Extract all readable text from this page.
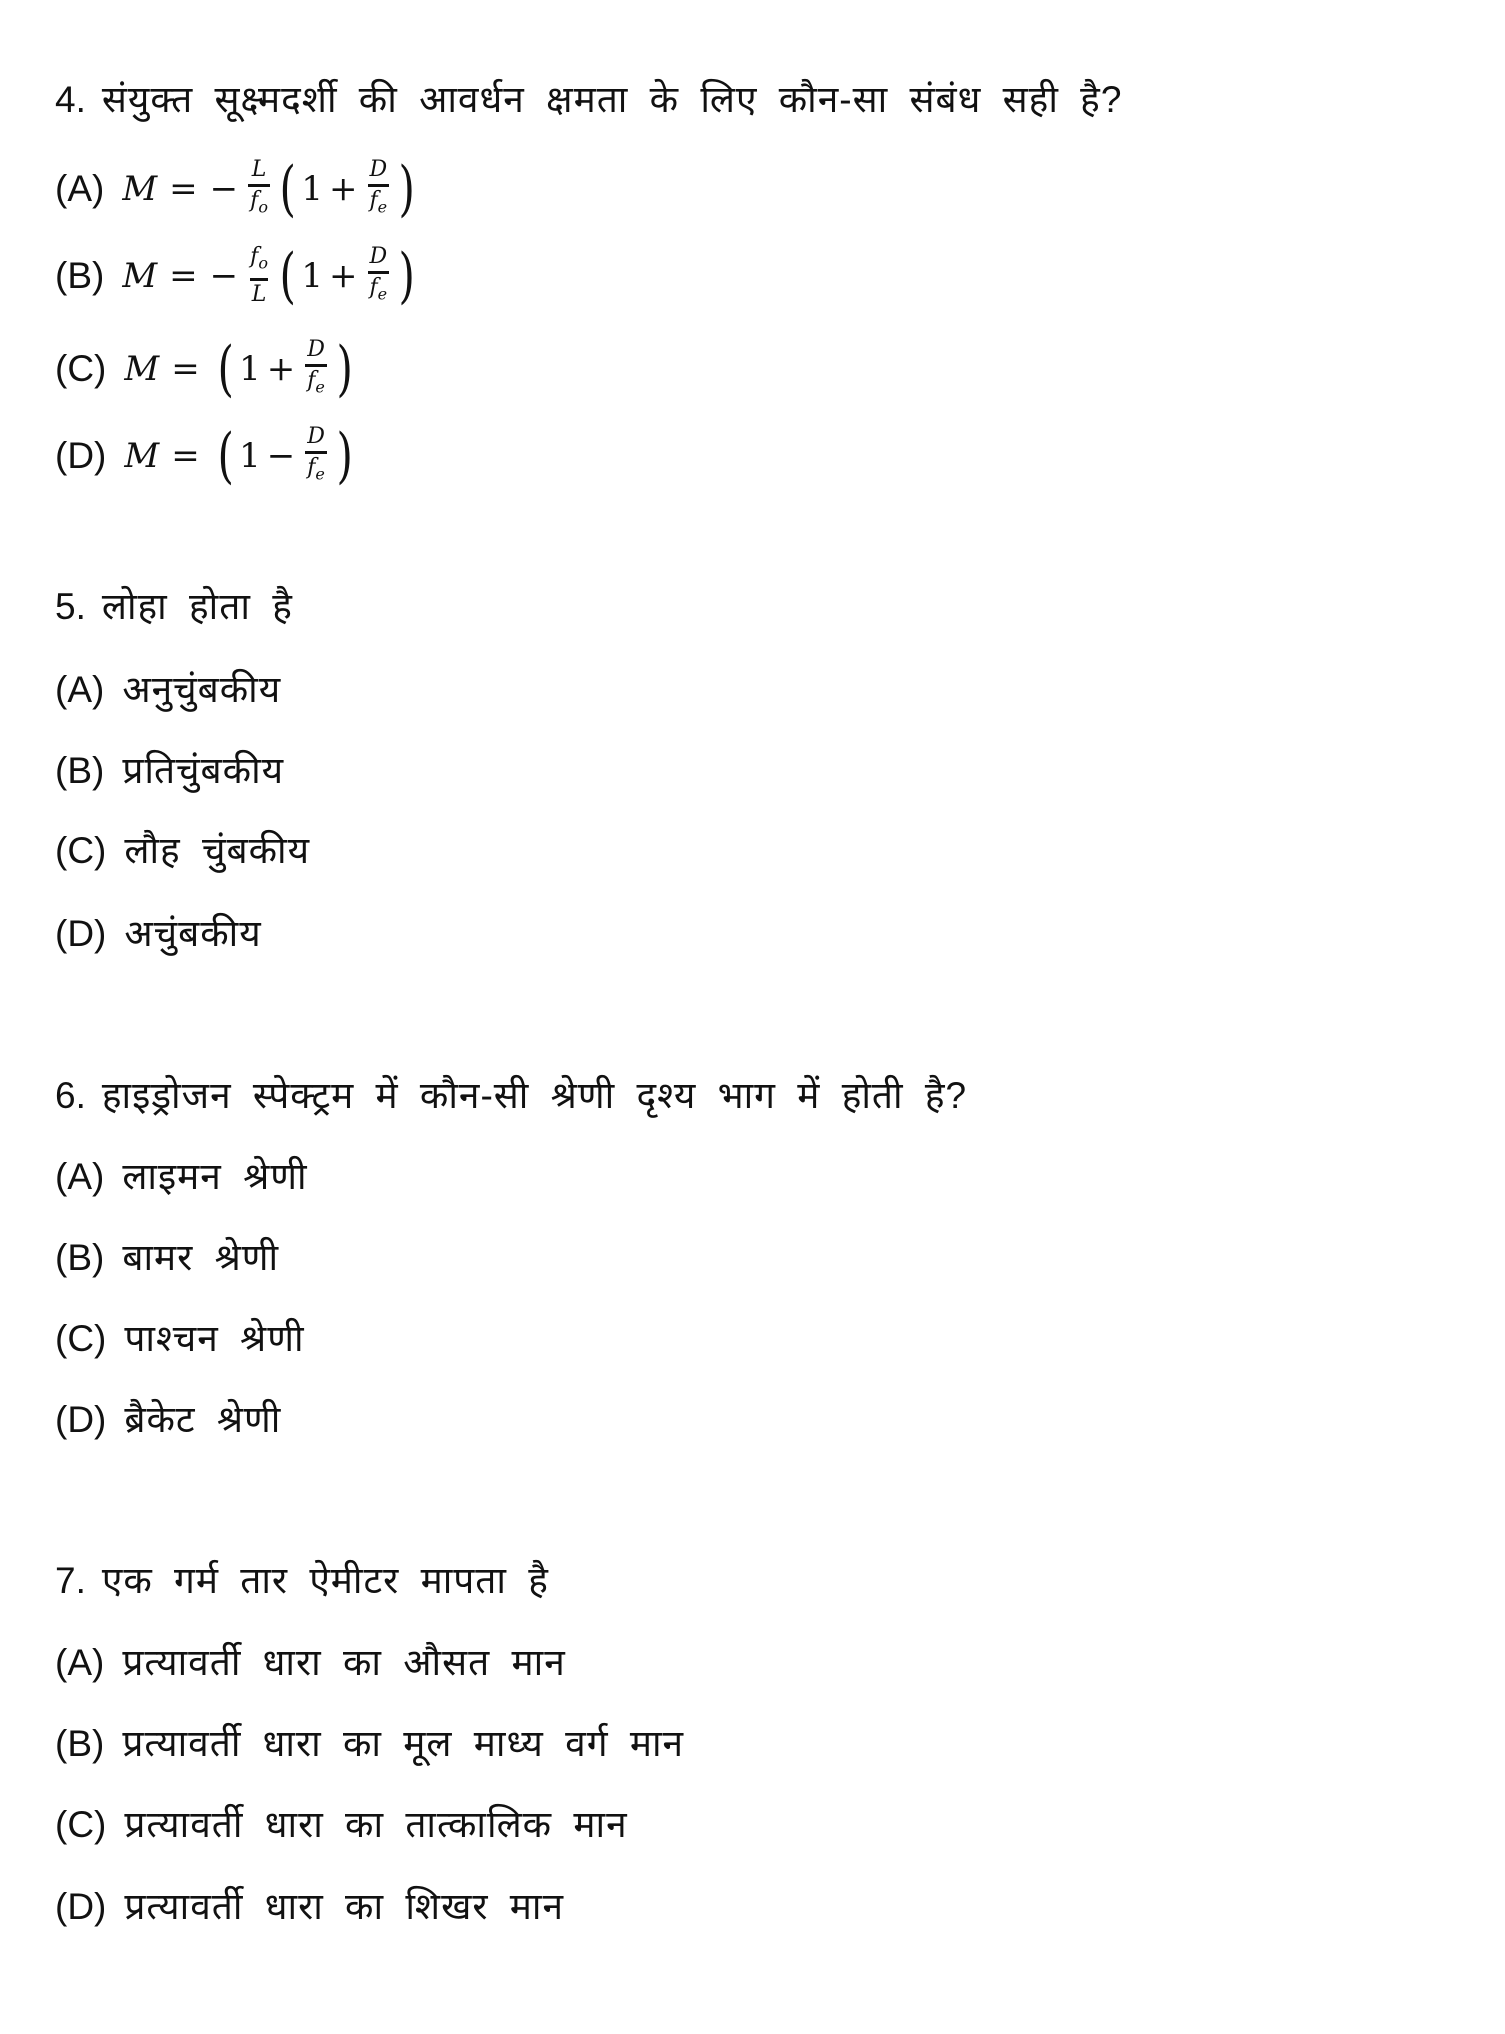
4. संयुक्त सूक्ष्मदर्शी की आवर्धन क्षमता के लिए कौन-सा संबंध सही है?
(A) M = − $\frac{L}{f_o}$ ( $1 + \frac{D}{f_e}$ )
(B) M = − $\frac{f_o}{L}$ ( $1 + \frac{D}{f_e}$ )
(C) M = ( $1 + \frac{D}{f_e}$ )
(D) M = ( $1 - \frac{D}{f_e}$ )
5. लोहा होता है
(A) अनुचुंबकीय
(B) प्रतिचुंबकीय
(C) लौह चुंबकीय
(D) अचुंबकीय
6. हाइड्रोजन स्पेक्ट्रम में कौन-सी श्रेणी दृश्य भाग में होती है?
(A) लाइमन श्रेणी
(B) बामर श्रेणी
(C) पाश्चन श्रेणी
(D) ब्रैकेट श्रेणी
7. एक गर्म तार ऐमीटर मापता है
(A) प्रत्यावर्ती धारा का औसत मान
(B) प्रत्यावर्ती धारा का मूल माध्य वर्ग मान
(C) प्रत्यावर्ती धारा का तात्कालिक मान
(D) प्रत्यावर्ती धारा का शिखर मान
